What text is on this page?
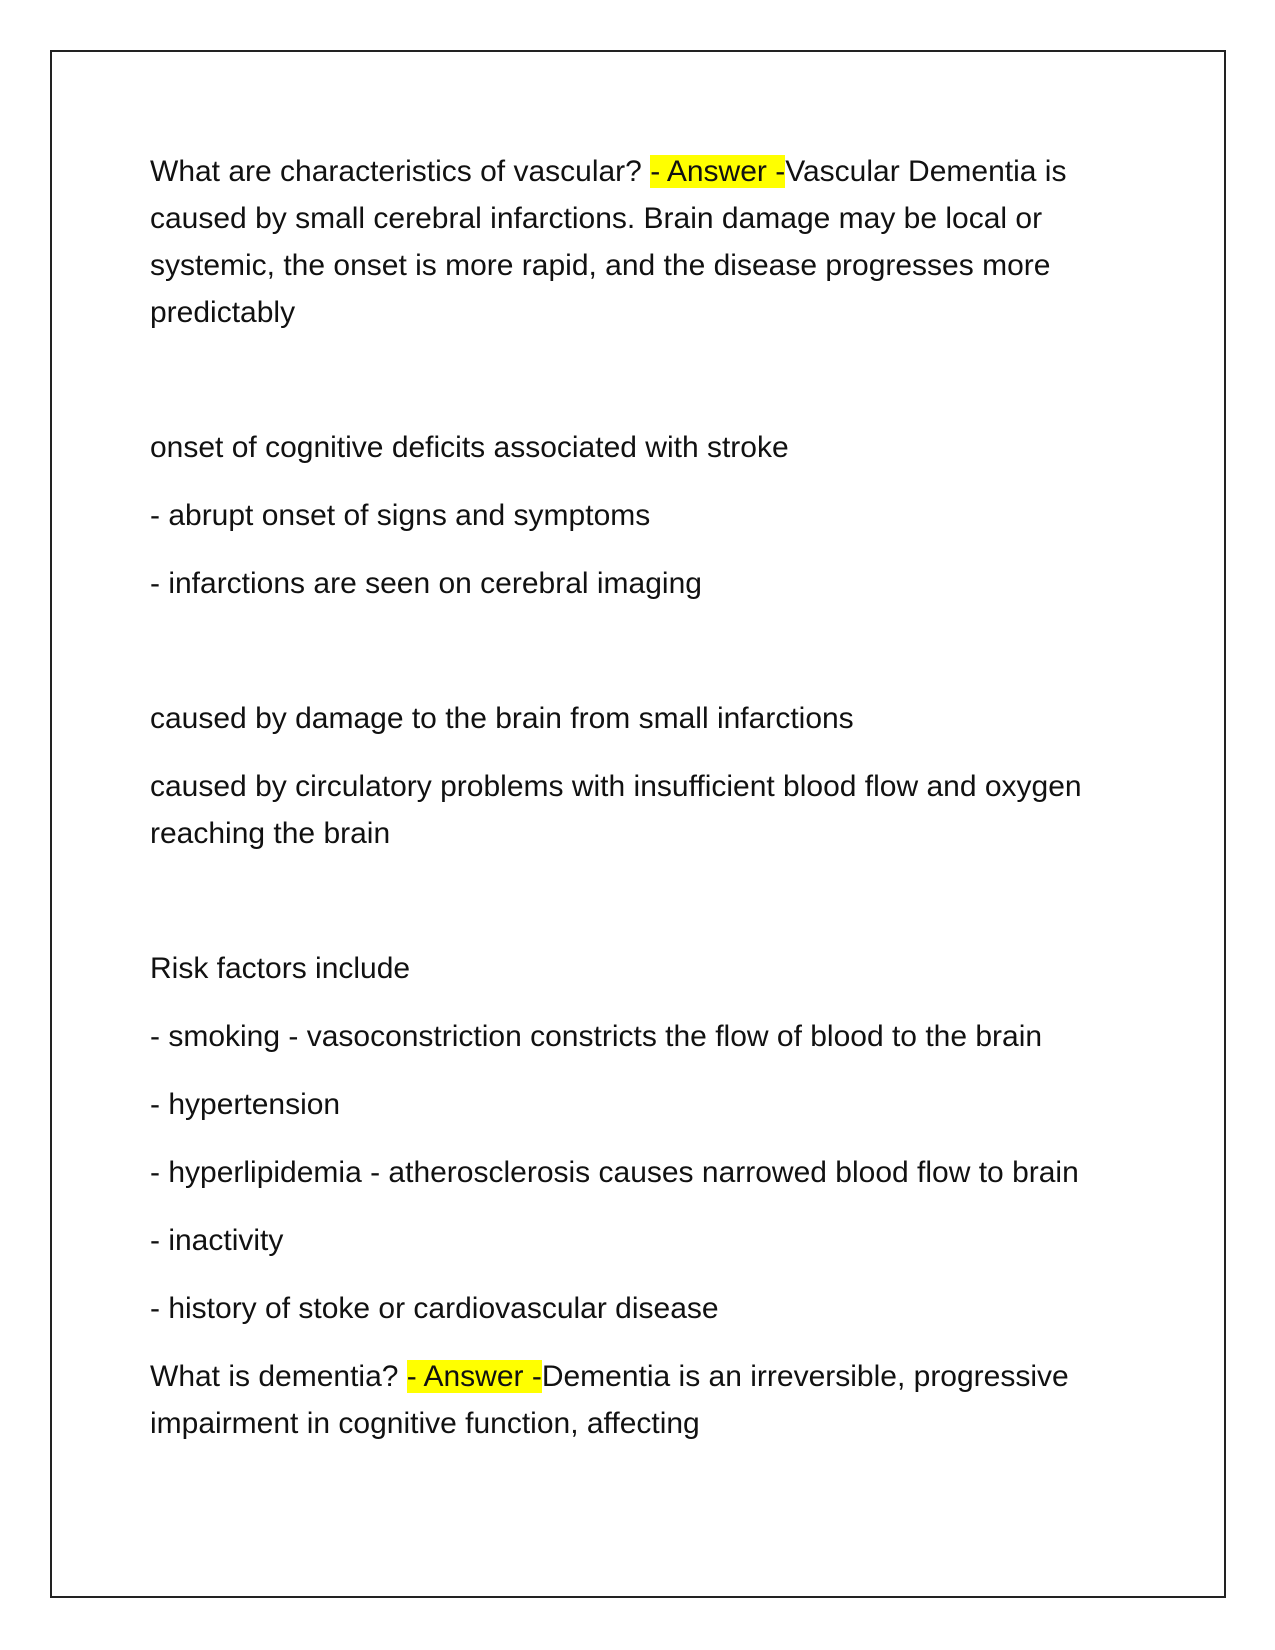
What are characteristics of vascular? - Answer -Vascular Dementia is
caused by small cerebral infarctions. Brain damage may be local or
systemic, the onset is more rapid, and the disease progresses more
predictably
onset of cognitive deficits associated with stroke
- abrupt onset of signs and symptoms
- infarctions are seen on cerebral imaging
caused by damage to the brain from small infarctions
caused by circulatory problems with insufficient blood flow and oxygen
reaching the brain
Risk factors include
- smoking - vasoconstriction constricts the flow of blood to the brain
- hypertension
- hyperlipidemia - atherosclerosis causes narrowed blood flow to brain
- inactivity
- history of stoke or cardiovascular disease
What is dementia? - Answer -Dementia is an irreversible, progressive
impairment in cognitive function, affecting
